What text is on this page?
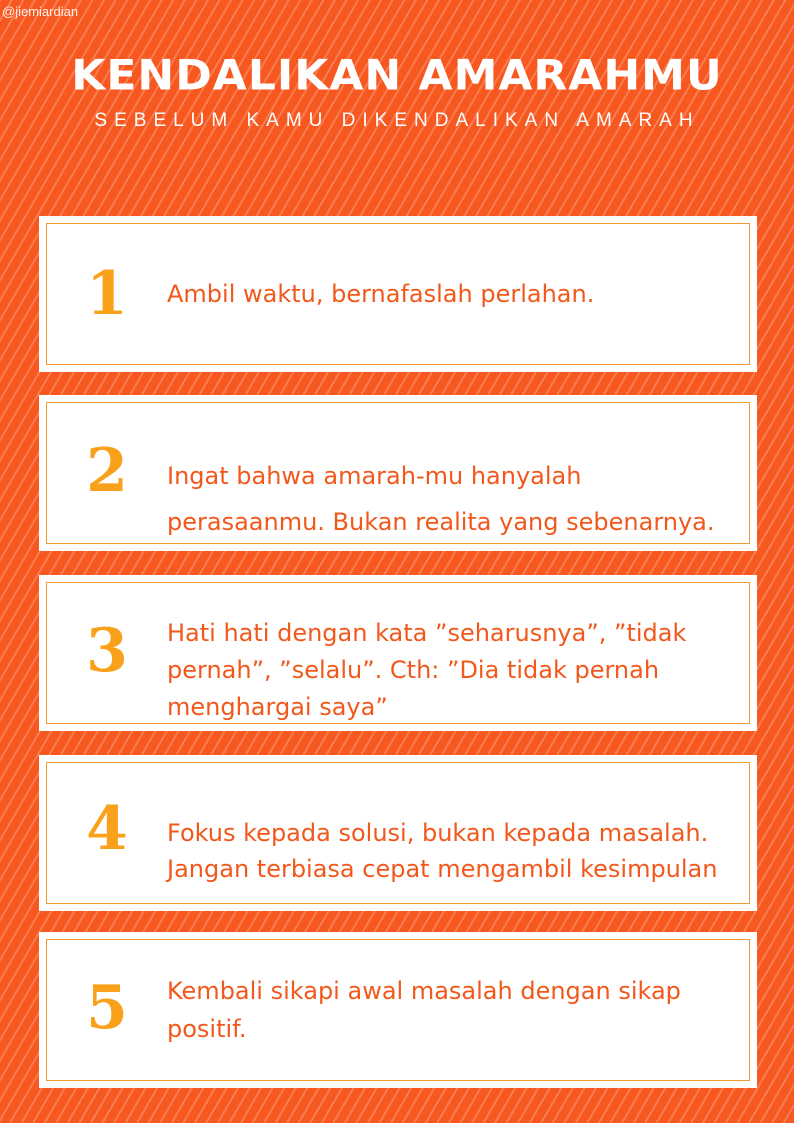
@jiemiardian
KENDALIKAN AMARAHMU
SEBELUM KAMU DIKENDALIKAN AMARAH
1 Ambil waktu, bernafaslah perlahan.
2 Ingat bahwa amarah-mu hanyalah
perasaanmu. Bukan realita yang sebenarnya.
3 Hati hati dengan kata ”seharusnya”, ”tidak
pernah”, ”selalu”. Cth: ”Dia tidak pernah
menghargai saya”
4 Fokus kepada solusi, bukan kepada masalah.
Jangan terbiasa cepat mengambil kesimpulan
5 Kembali sikapi awal masalah dengan sikap
positif.
